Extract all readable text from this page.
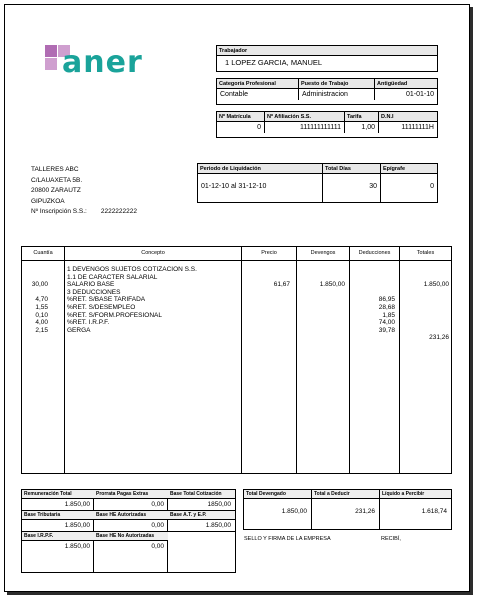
aner	Trabajador
1 LOPEZ GARCIA, MANUEL
Categoría Profesional
Contable
Puesto de Trabajo
Administracion
Antigüedad
01-01-10
Nº Matrícula
0
Nº Afiliación S.S.
111111111111
Tarifa
1,00
D.N.I
11111111H
TALLERES ABC
C/LAUAXETA 5B.
20800 ZARAUTZ
GIPUZKOA
Nº Inscripción S.S.: 2222222222
Periodo de Liquidación
01-12-10 al 31-12-10
Total Días
30
Epígrafe
0
Cuantía
30,00
4,70
1,55
0,10
4,00
2,15
Concepto
1 DEVENGOS SUJETOS COTIZACION S.S.
1.1 DE CARACTER SALARIAL
SALARIO BASE
3 DEDUCCIONES
%RET. S/BASE TARIFADA
%RET. S/DESEMPLEO
%RET. S/FORM.PROFESIONAL
%RET. I.R.P.F.
GERGA
Precio
61,67
Devengos
1.850,00
Deducciones
86,95
28,68
1,85
74,00
39,78
Totales
1.850,00
231,26
Remuneración Total
1.850,00
Prorrata Pagas Extras
0,00
Base Total Cotización
1850,00
Base Tributaria
1.850,00
Base HE Autorizadas
0,00
Base A.T. y E.P.
1.850,00
Base I.R.P.F.
1.850,00
Base HE No Autorizadas
0,00
Total Devengado
1.850,00
Total a Deducir
231,26
Líquido a Percibir
1.618,74
SELLO Y FIRMA DE LA EMPRESA	RECIBÍ,
